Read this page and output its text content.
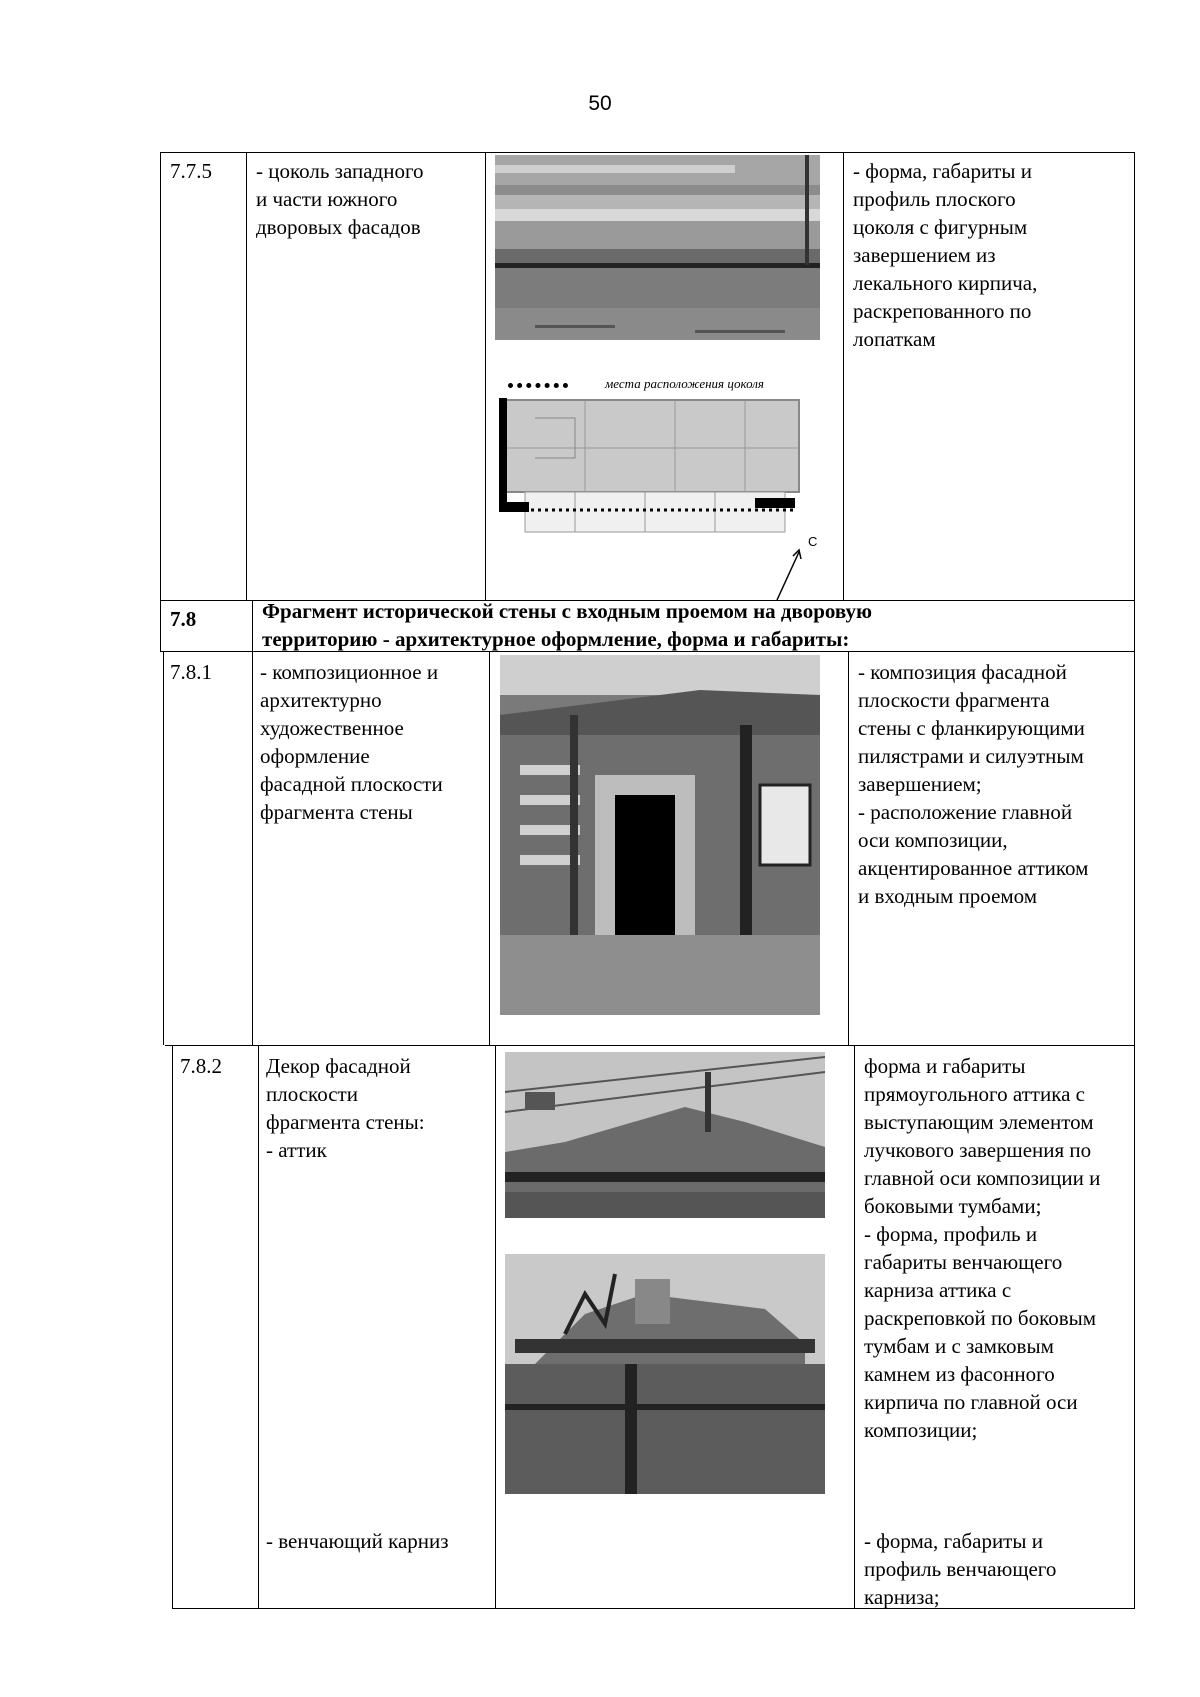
50
7.7.5 - цоколь западного
и части южного
дворовых фасадов
- форма, габариты и
профиль плоского
цоколя с фигурным
завершением из
лекального кирпича,
раскрепованного по
лопаткам
места расположения цоколя
С
7.8	Фрагмент исторической стены с входным проемом на дворовую
территорию - архитектурное оформление, форма и габариты:
7.8.1 - композиционное и
архитектурно
художественное
оформление
фасадной плоскости
фрагмента стены
- композиция фасадной
плоскости фрагмента
стены с фланкирующими
пилястрами и силуэтным
завершением;
- расположение главной
оси композиции,
акцентированное аттиком
и входным проемом
7.8.2 Декор фасадной
плоскости
фрагмента стены:
- аттик
- венчающий карниз
форма и габариты
прямоугольного аттика с
выступающим элементом
лучкового завершения по
главной оси композиции и
боковыми тумбами;
- форма, профиль и
габариты венчающего
карниза аттика с
раскреповкой по боковым
тумбам и с замковым
камнем из фасонного
кирпича по главной оси
композиции;
- форма, габариты и
профиль венчающего
карниза;
